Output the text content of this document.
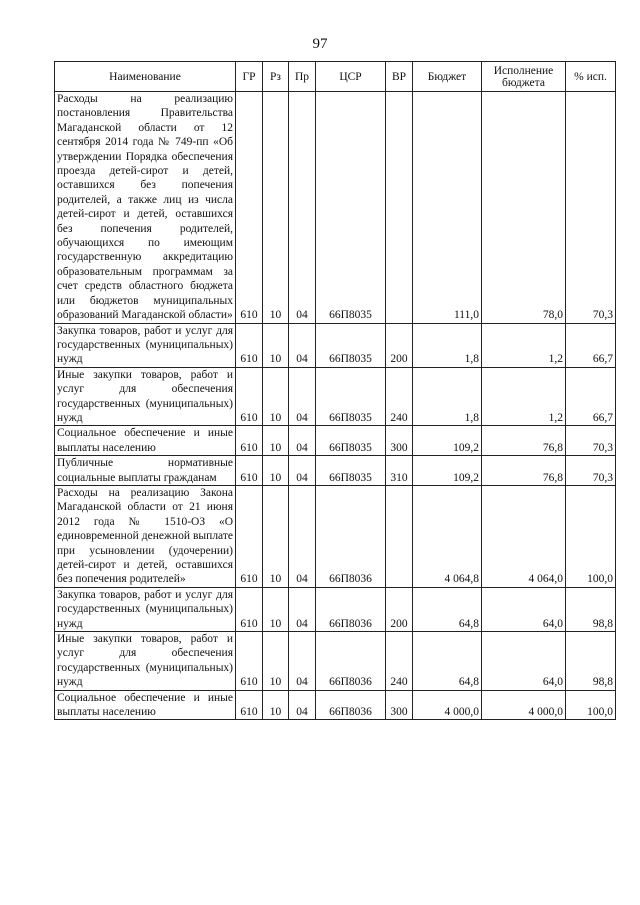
97
Наименование	ГР	Рз	Пр	ЦСР	ВР	Бюджет	Исполнение бюджета	% исп.

Расходы на реализацию постановления Правительства Магаданской области от 12 сентября 2014 года № 749-пп «Об утверждении Порядка обеспечения проезда детей-сирот и детей, оставшихся без попечения родителей, а также лиц из числа детей-сирот и детей, оставшихся без попечения родителей, обучающихся по имеющим государственную аккредитацию образовательным программам за счет средств областного бюджета или бюджетов муниципальных образований Магаданской области»	610	10	04	66П8035		111,0	78,0	70,3

Закупка товаров, работ и услуг для государственных (муниципальных) нужд	610	10	04	66П8035	200	1,8	1,2	66,7

Иные закупки товаров, работ и услуг для обеспечения государственных (муниципальных) нужд	610	10	04	66П8035	240	1,8	1,2	66,7

Социальное обеспечение и иные выплаты населению	610	10	04	66П8035	300	109,2	76,8	70,3

Публичные нормативные социальные выплаты гражданам	610	10	04	66П8035	310	109,2	76,8	70,3

Расходы на реализацию Закона Магаданской области от 21 июня 2012 года № 1510-ОЗ «О единовременной денежной выплате при усыновлении (удочерении) детей-сирот и детей, оставшихся без попечения родителей»	610	10	04	66П8036		4 064,8	4 064,0	100,0

Закупка товаров, работ и услуг для государственных (муниципальных) нужд	610	10	04	66П8036	200	64,8	64,0	98,8

Иные закупки товаров, работ и услуг для обеспечения государственных (муниципальных) нужд	610	10	04	66П8036	240	64,8	64,0	98,8

Социальное обеспечение и иные выплаты населению	610	10	04	66П8036	300	4 000,0	4 000,0	100,0
